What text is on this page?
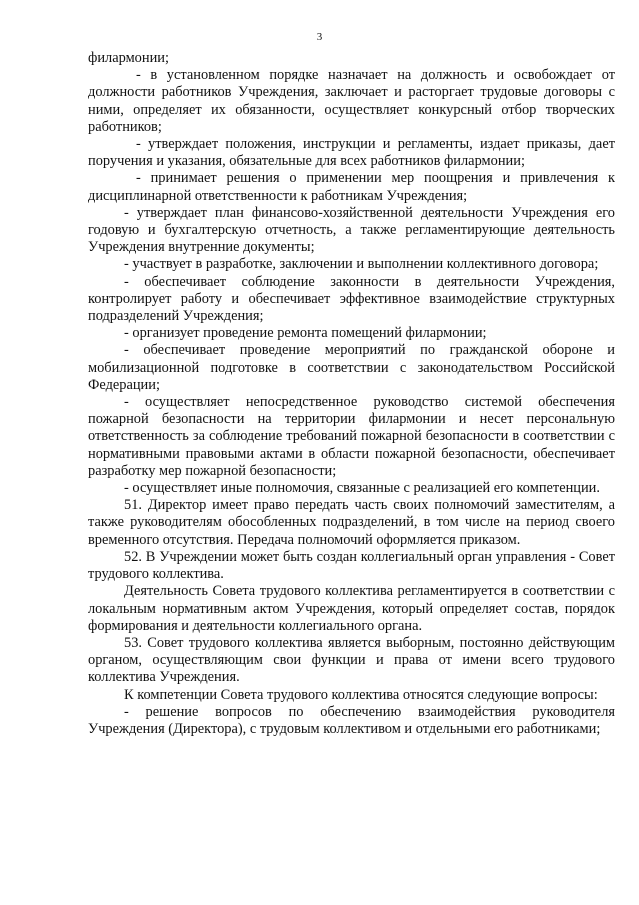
3

филармонии;

- в установленном порядке назначает на должность и освобождает от должности работников Учреждения, заключает и расторгает трудовые договоры с ними, определяет их обязанности, осуществляет конкурсный отбор творческих работников;

- утверждает положения, инструкции и регламенты, издает приказы, дает поручения и указания, обязательные для всех работников филармонии;

- принимает решения о применении мер поощрения и привлечения к дисциплинарной ответственности к работникам Учреждения;

- утверждает план финансово-хозяйственной деятельности Учреждения его годовую и бухгалтерскую отчетность, а также регламентирующие деятельность Учреждения внутренние документы;

- участвует в разработке, заключении и выполнении коллективного договора;

- обеспечивает соблюдение законности в деятельности Учреждения, контролирует работу и обеспечивает эффективное взаимодействие структурных подразделений Учреждения;

- организует проведение ремонта помещений филармонии;

- обеспечивает проведение мероприятий по гражданской обороне и мобилизационной подготовке в соответствии с законодательством Российской Федерации;

- осуществляет непосредственное руководство системой обеспечения пожарной безопасности на территории филармонии и несет персональную ответственность за соблюдение требований пожарной безопасности в соответствии с нормативными правовыми актами в области пожарной безопасности, обеспечивает разработку мер пожарной безопасности;

- осуществляет иные полномочия, связанные с реализацией его компетенции.

51. Директор имеет право передать часть своих полномочий заместителям, а также руководителям обособленных подразделений, в том числе на период своего временного отсутствия. Передача полномочий оформляется приказом.

52. В Учреждении может быть создан коллегиальный орган управления - Совет трудового коллектива.

Деятельность Совета трудового коллектива регламентируется в соответствии с локальным нормативным актом Учреждения, который определяет состав, порядок формирования и деятельности коллегиального органа.

53. Совет трудового коллектива является выборным, постоянно действующим органом, осуществляющим свои функции и права от имени всего трудового коллектива Учреждения.

К компетенции Совета трудового коллектива относятся следующие вопросы:

- решение вопросов по обеспечению взаимодействия руководителя Учреждения (Директора), с трудовым коллективом и отдельными его работниками;
